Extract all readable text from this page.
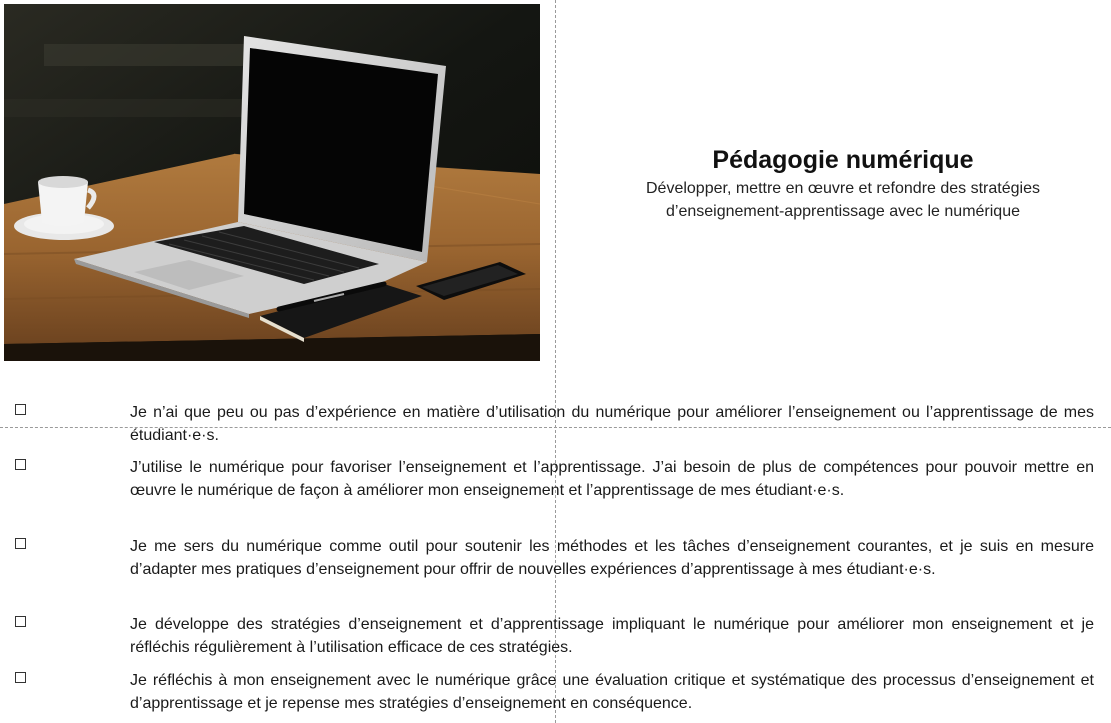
Pédagogie numérique
Développer, mettre en œuvre et refondre des stratégies
d’enseignement-apprentissage avec le numérique
Je n’ai que peu ou pas d’expérience en matière d’utilisation du numérique pour améliorer l’enseignement ou l’apprentissage de mes étudiant·e·s.
J’utilise le numérique pour favoriser l’enseignement et l’apprentissage. J’ai besoin de plus de compétences pour pouvoir mettre en œuvre le numérique de façon à améliorer mon enseignement et l’apprentissage de mes étudiant·e·s.
Je me sers du numérique comme outil pour soutenir les méthodes et les tâches d’enseignement courantes, et je suis en mesure d’adapter mes pratiques d’enseignement pour offrir de nouvelles expériences d’apprentissage à mes étudiant·e·s.
Je développe des stratégies d’enseignement et d’apprentissage impliquant le numérique pour améliorer mon enseignement et je réfléchis régulièrement à l’utilisation efficace de ces stratégies.
Je réfléchis à mon enseignement avec le numérique grâce une évaluation critique et systématique des processus d’enseignement et d’apprentissage et je repense mes stratégies d’enseignement en conséquence.
